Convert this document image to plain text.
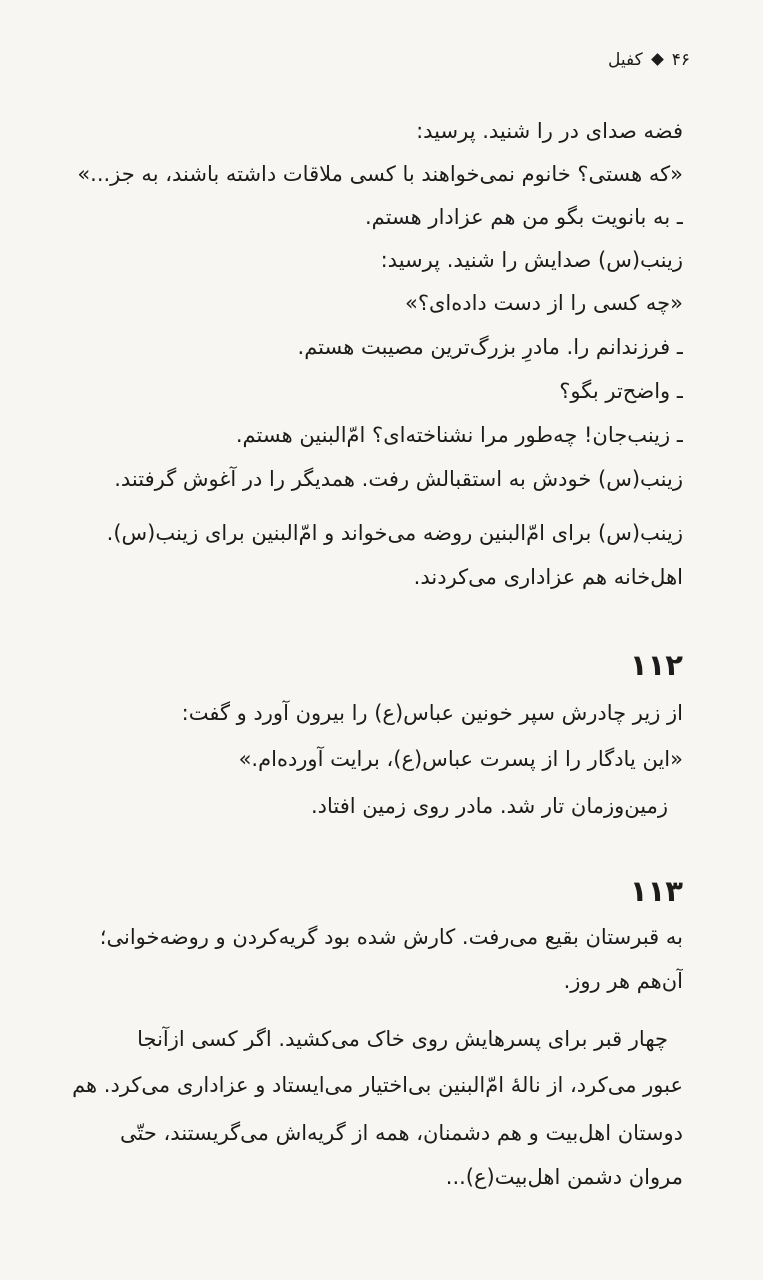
۴۶کفیل
فضه صدای در را شنید. پرسید:
«که هستی؟ خانوم نمی‌خواهند با کسی ملاقات داشته باشند، به جز...»
ـ به بانویت بگو من هم عزادار هستم.
زینب(س) صدایش را شنید. پرسید:
«چه کسی را از دست داده‌ای؟»
ـ فرزندانم را. مادرِ بزرگ‌ترین مصیبت هستم.
ـ واضح‌تر بگو؟
ـ زینب‌جان! چه‌طور مرا نشناخته‌ای؟ امّ‌البنین هستم.
زینب(س) خودش به استقبالش رفت. همدیگر را در آغوش گرفتند.
زینب(س) برای امّ‌البنین روضه می‌خواند و امّ‌البنین برای زینب(س).
اهل‌خانه هم عزاداری می‌کردند.
۱۱۲
از زیر چادرش سپر خونین عباس(ع) را بیرون آورد و گفت:
«این یادگار را از پسرت عباس(ع)، برایت آورده‌ام.»
زمین‌وزمان تار شد. مادر روی زمین افتاد.
۱۱۳
به قبرستان بقیع می‌رفت. کارش شده بود گریه‌کردن و روضه‌خوانی؛
آن‌هم هر روز.
چهار قبر برای پسرهایش روی خاک می‌کشید. اگر کسی ازآنجا
عبور می‌کرد، از نالهٔ امّ‌البنین بی‌اختیار می‌ایستاد و عزاداری می‌کرد. هم
دوستان اهل‌بیت و هم دشمنان، همه از گریه‌اش می‌گریستند، حتّی
مروان دشمن اهل‌بیت(ع)...
